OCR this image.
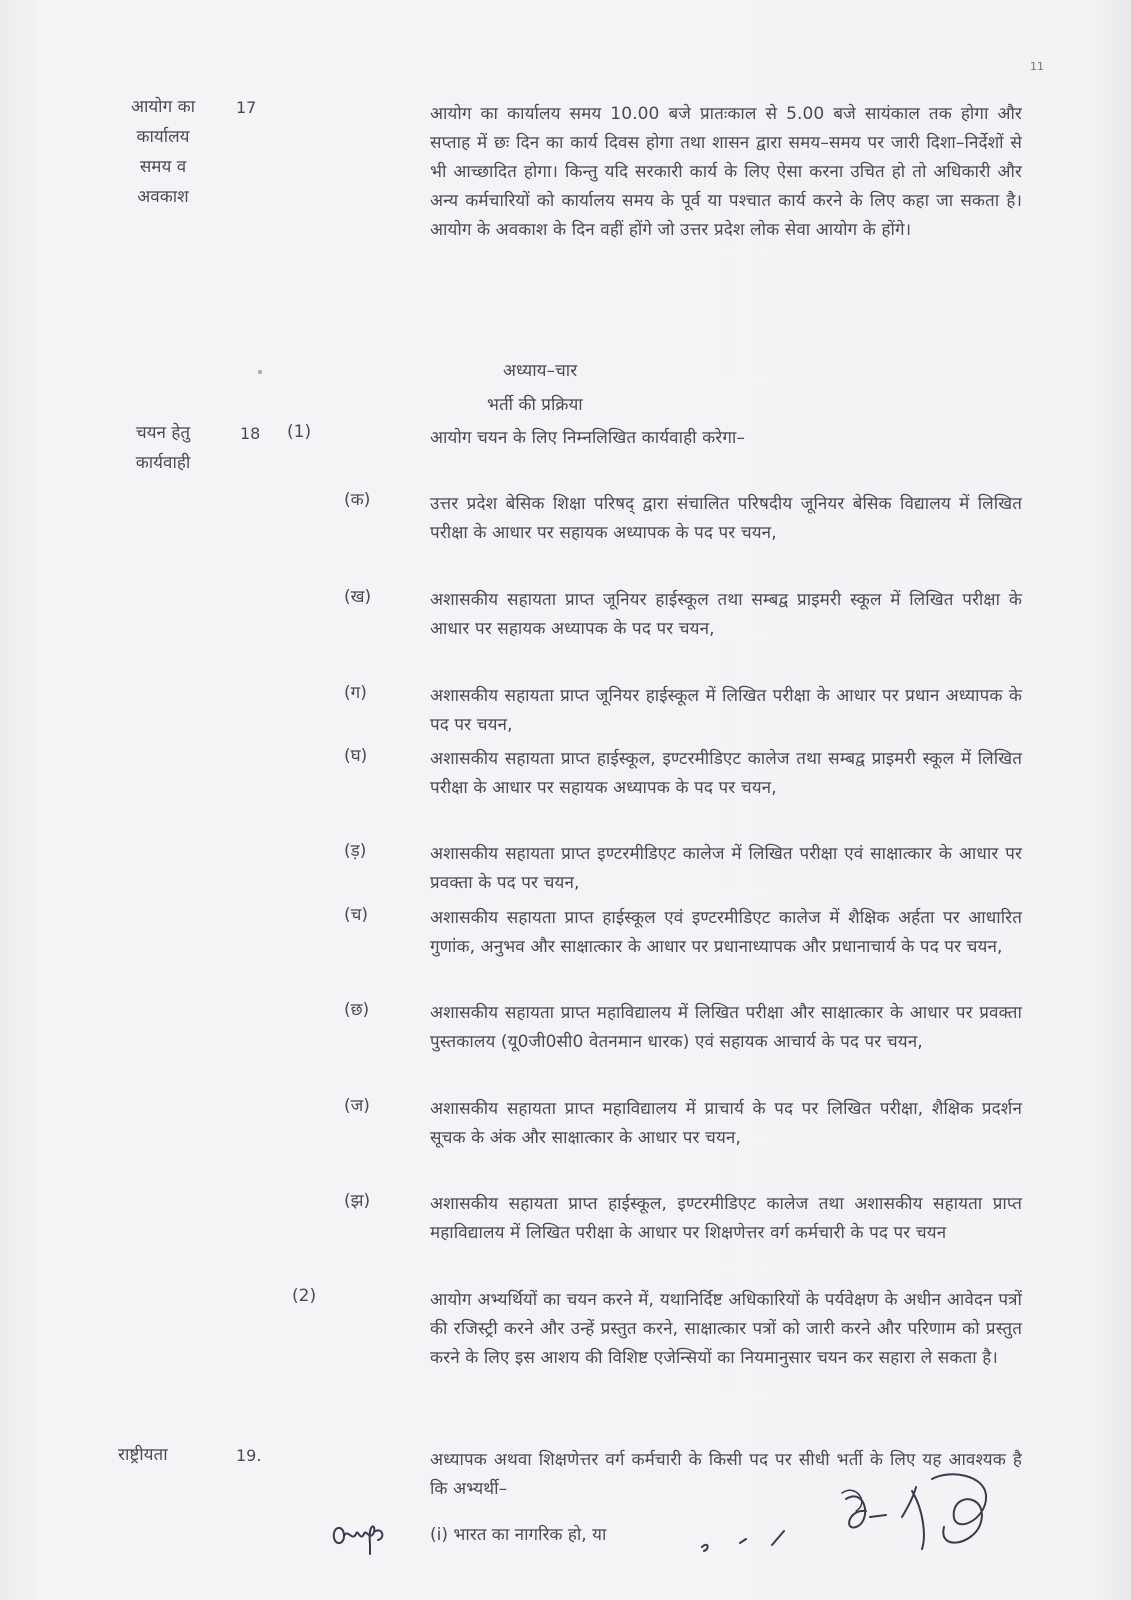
11
आयोग का कार्यालय समय व अवकाश
17	आयोग का कार्यालय समय 10.00 बजे प्रातःकाल से 5.00 बजे सायंकाल तक होगा और सप्ताह में छः दिन का कार्य दिवस होगा तथा शासन द्वारा समय–समय पर जारी दिशा–निर्देशों से भी आच्छादित होगा। किन्तु यदि सरकारी कार्य के लिए ऐसा करना उचित हो तो अधिकारी और अन्य कर्मचारियों को कार्यालय समय के पूर्व या पश्चात कार्य करने के लिए कहा जा सकता है। आयोग के अवकाश के दिन वहीं होंगे जो उत्तर प्रदेश लोक सेवा आयोग के होंगे।
अध्याय–चार
भर्ती की प्रक्रिया
चयन हेतु कार्यवाही
18 (1)	आयोग चयन के लिए निम्नलिखित कार्यवाही करेगा–
(क)	उत्तर प्रदेश बेसिक शिक्षा परिषद् द्वारा संचालित परिषदीय जूनियर बेसिक विद्यालय में लिखित परीक्षा के आधार पर सहायक अध्यापक के पद पर चयन,
(ख)	अशासकीय सहायता प्राप्त जूनियर हाईस्कूल तथा सम्बद्व प्राइमरी स्कूल में लिखित परीक्षा के आधार पर सहायक अध्यापक के पद पर चयन,
(ग)	अशासकीय सहायता प्राप्त जूनियर हाईस्कूल में लिखित परीक्षा के आधार पर प्रधान अध्यापक के पद पर चयन,
(घ)	अशासकीय सहायता प्राप्त हाईस्कूल, इण्टरमीडिएट कालेज तथा सम्बद्व प्राइमरी स्कूल में लिखित परीक्षा के आधार पर सहायक अध्यापक के पद पर चयन,
(ड़)	अशासकीय सहायता प्राप्त इण्टरमीडिएट कालेज में लिखित परीक्षा एवं साक्षात्कार के आधार पर प्रवक्ता के पद पर चयन,
(च)	अशासकीय सहायता प्राप्त हाईस्कूल एवं इण्टरमीडिएट कालेज में शैक्षिक अर्हता पर आधारित गुणांक, अनुभव और साक्षात्कार के आधार पर प्रधानाध्यापक और प्रधानाचार्य के पद पर चयन,
(छ)	अशासकीय सहायता प्राप्त महाविद्यालय में लिखित परीक्षा और साक्षात्कार के आधार पर प्रवक्ता पुस्तकालय (यू0जी0सी0 वेतनमान धारक) एवं सहायक आचार्य के पद पर चयन,
(ज)	अशासकीय सहायता प्राप्त महाविद्यालय में प्राचार्य के पद पर लिखित परीक्षा, शैक्षिक प्रदर्शन सूचक के अंक और साक्षात्कार के आधार पर चयन,
(झ)	अशासकीय सहायता प्राप्त हाईस्कूल, इण्टरमीडिएट कालेज तथा अशासकीय सहायता प्राप्त महाविद्यालय में लिखित परीक्षा के आधार पर शिक्षणेत्तर वर्ग कर्मचारी के पद पर चयन
(2)	आयोग अभ्यर्थियों का चयन करने में, यथानिर्दिष्ट अधिकारियों के पर्यवेक्षण के अधीन आवेदन पत्रों की रजिस्ट्री करने और उन्हें प्रस्तुत करने, साक्षात्कार पत्रों को जारी करने और परिणाम को प्रस्तुत करने के लिए इस आशय की विशिष्ट एजेन्सियों का नियमानुसार चयन कर सहारा ले सकता है।
राष्ट्रीयता	19.	अध्यापक अथवा शिक्षणेत्तर वर्ग कर्मचारी के किसी पद पर सीधी भर्ती के लिए यह आवश्यक है कि अभ्यर्थी–
(i) भारत का नागरिक हो, या
